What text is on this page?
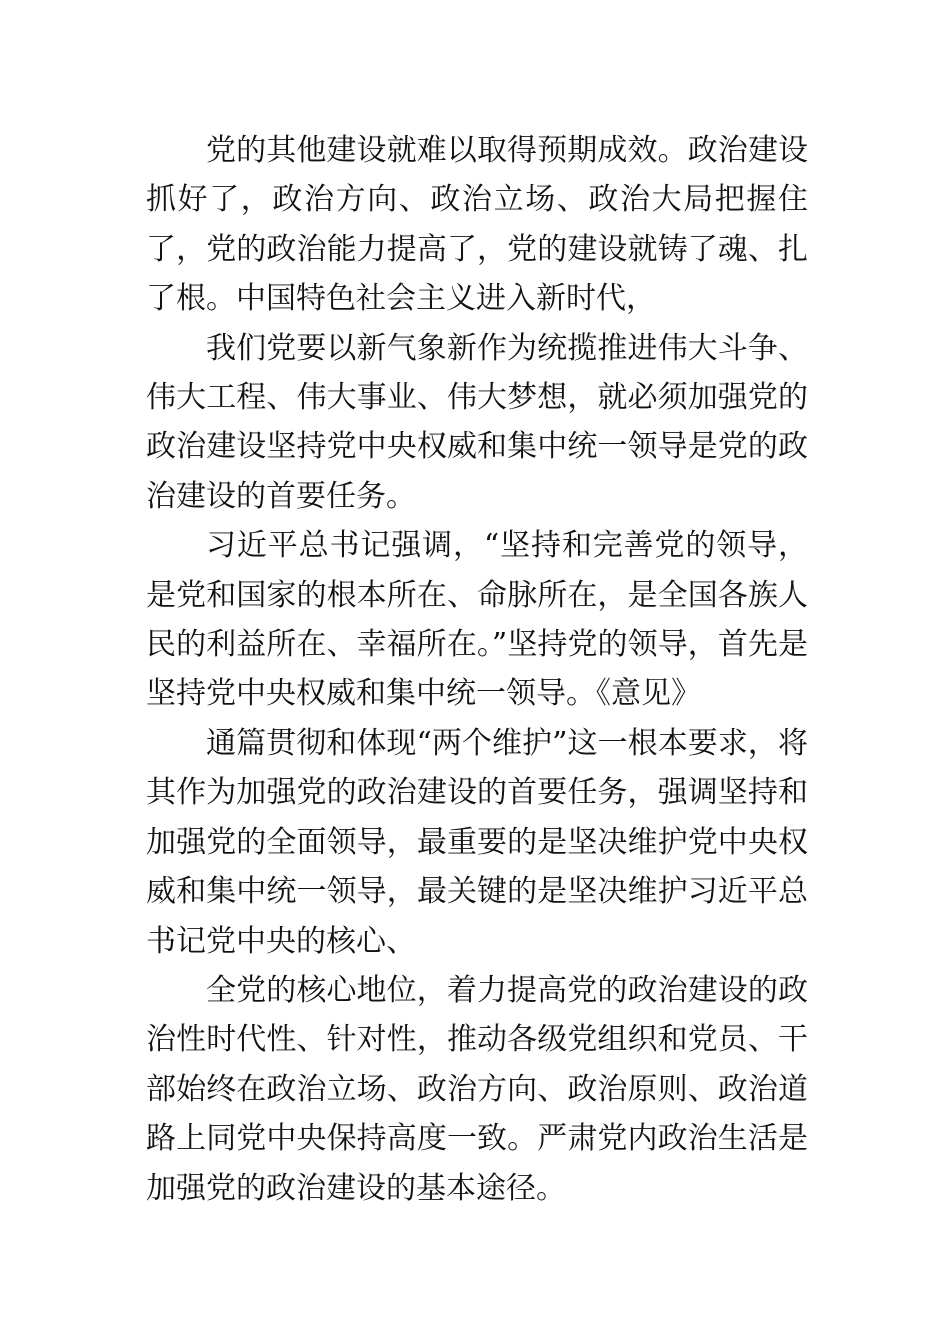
党的其他建设就难以取得预期成效。政治建设抓好了，政治方向、政治立场、政治大局把握住了，党的政治能力提高了，党的建设就铸了魂、扎了根。中国特色社会主义进入新时代，

我们党要以新气象新作为统揽推进伟大斗争、伟大工程、伟大事业、伟大梦想，就必须加强党的政治建设坚持党中央权威和集中统一领导是党的政治建设的首要任务。

习近平总书记强调，“坚持和完善党的领导，是党和国家的根本所在、命脉所在，是全国各族人民的利益所在、幸福所在。”坚持党的领导，首先是坚持党中央权威和集中统一领导。《意见》

通篇贯彻和体现“两个维护”这一根本要求，将其作为加强党的政治建设的首要任务，强调坚持和加强党的全面领导，最重要的是坚决维护党中央权威和集中统一领导，最关键的是坚决维护习近平总书记党中央的核心、

全党的核心地位，着力提高党的政治建设的政治性时代性、针对性，推动各级党组织和党员、干部始终在政治立场、政治方向、政治原则、政治道路上同党中央保持高度一致。严肃党内政治生活是加强党的政治建设的基本途径。
